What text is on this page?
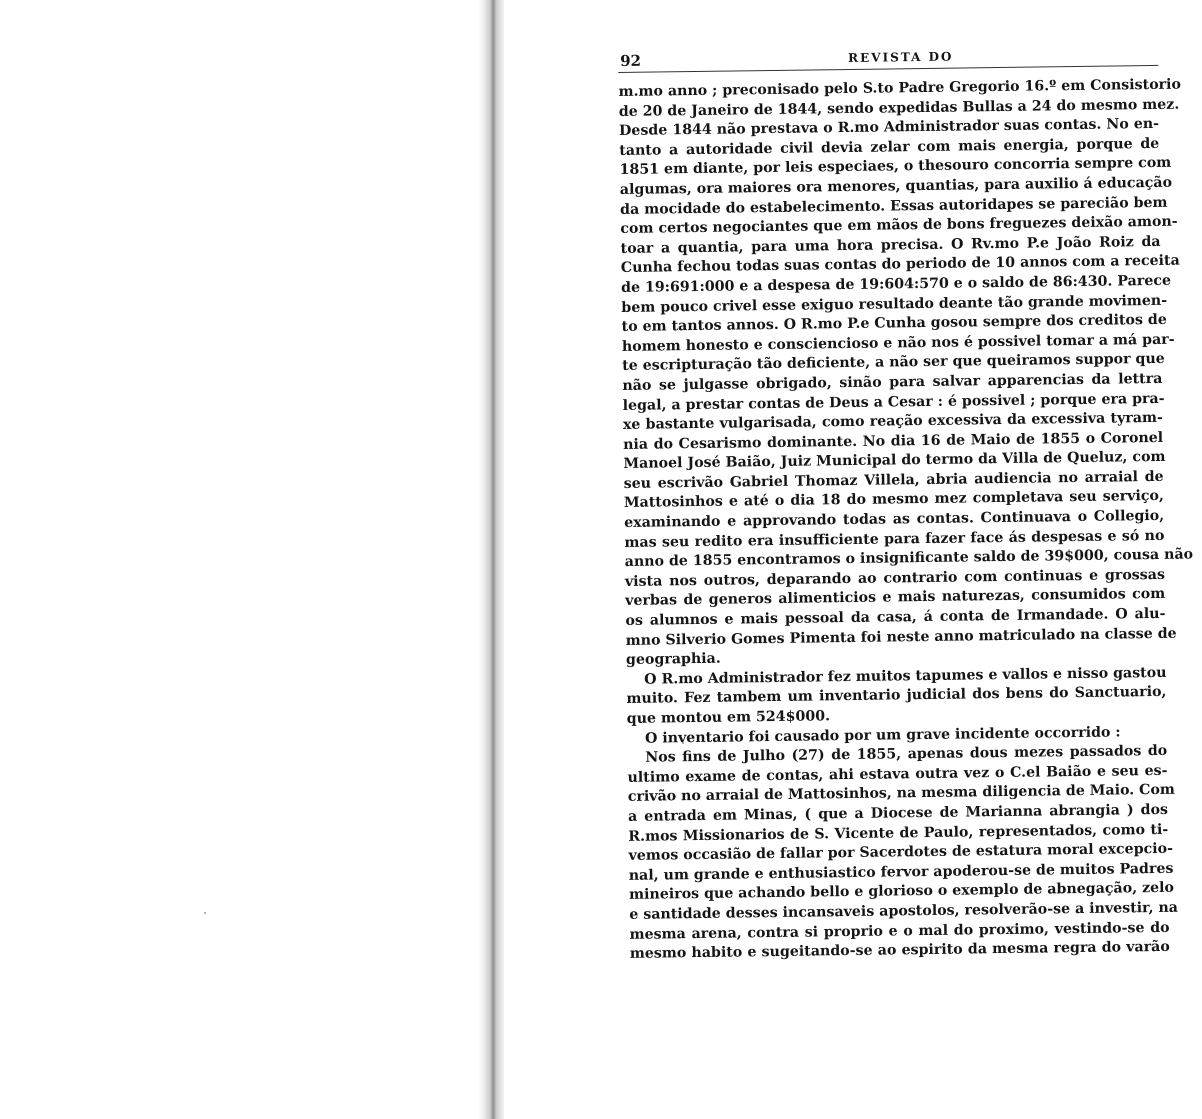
92	REVISTA DO
m.mo anno ; preconisado pelo S.to Padre Gregorio 16.º em Consistorio
de 20 de Janeiro de 1844, sendo expedidas Bullas a 24 do mesmo mez.
Desde 1844 não prestava o R.mo Administrador suas contas. No en-
tanto a autoridade civil devia zelar com mais energia, porque de
1851 em diante, por leis especiaes, o thesouro concorria sempre com
algumas, ora maiores ora menores, quantias, para auxilio á educação
da mocidade do estabelecimento. Essas autoridapes se parecião bem
com certos negociantes que em mãos de bons freguezes deixão amon-
toar a quantia, para uma hora precisa. O Rv.mo P.e João Roiz da
Cunha fechou todas suas contas do periodo de 10 annos com a receita
de 19:691:000 e a despesa de 19:604:570 e o saldo de 86:430. Parece
bem pouco crivel esse exiguo resultado deante tão grande movimen-
to em tantos annos. O R.mo P.e Cunha gosou sempre dos creditos de
homem honesto e consciencioso e não nos é possivel tomar a má par-
te escripturação tão deficiente, a não ser que queiramos suppor que
não se julgasse obrigado, sinão para salvar apparencias da lettra
legal, a prestar contas de Deus a Cesar : é possivel ; porque era pra-
xe bastante vulgarisada, como reação excessiva da excessiva tyram-
nia do Cesarismo dominante. No dia 16 de Maio de 1855 o Coronel
Manoel José Baião, Juiz Municipal do termo da Villa de Queluz, com
seu escrivão Gabriel Thomaz Villela, abria audiencia no arraial de
Mattosinhos e até o dia 18 do mesmo mez completava seu serviço,
examinando e approvando todas as contas. Continuava o Collegio,
mas seu redito era insufficiente para fazer face ás despesas e só no
anno de 1855 encontramos o insignificante saldo de 39$000, cousa não
vista nos outros, deparando ao contrario com continuas e grossas
verbas de generos alimenticios e mais naturezas, consumidos com
os alumnos e mais pessoal da casa, á conta de Irmandade. O alu-
mno Silverio Gomes Pimenta foi neste anno matriculado na classe de
geographia.
O R.mo Administrador fez muitos tapumes e vallos e nisso gastou
muito. Fez tambem um inventario judicial dos bens do Sanctuario,
que montou em 524$000.
O inventario foi causado por um grave incidente occorrido :
Nos fins de Julho (27) de 1855, apenas dous mezes passados do
ultimo exame de contas, ahi estava outra vez o C.el Baião e seu es-
crivão no arraial de Mattosinhos, na mesma diligencia de Maio. Com
a entrada em Minas, ( que a Diocese de Marianna abrangia ) dos
R.mos Missionarios de S. Vicente de Paulo, representados, como ti-
vemos occasião de fallar por Sacerdotes de estatura moral excepcio-
nal, um grande e enthusiastico fervor apoderou-se de muitos Padres
mineiros que achando bello e glorioso o exemplo de abnegação, zelo
e santidade desses incansaveis apostolos, resolverão-se a investir, na
mesma arena, contra si proprio e o mal do proximo, vestindo-se do
mesmo habito e sugeitando-se ao espirito da mesma regra do varão
